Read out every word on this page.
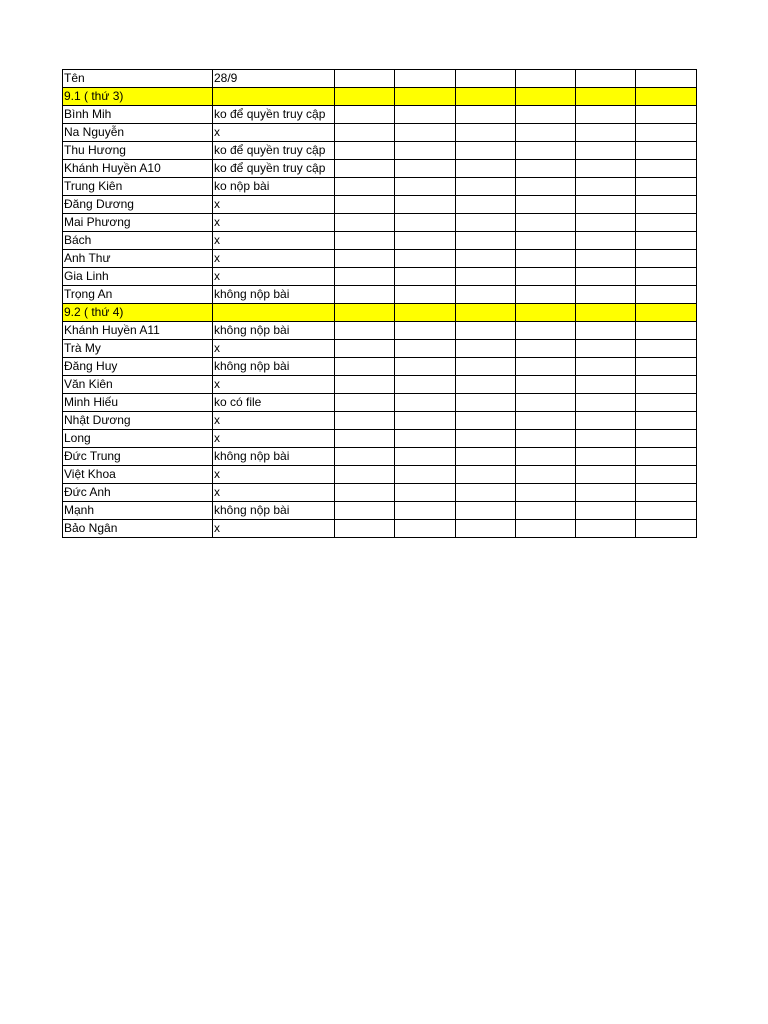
Tên	28/9						
9.1 ( thứ 3)							
Bình Mih	ko để quyền truy cập						
Na Nguyễn	x						
Thu Hương	ko để quyền truy cập						
Khánh Huyền A10	ko để quyền truy cập						
Trung Kiên	ko nộp bài						
Đăng Dương	x						
Mai Phương	x						
Bách	x						
Anh Thư	x						
Gia Linh	x						
Trọng An	không nộp bài						
9.2 ( thứ 4)							
Khánh Huyền A11	không nộp bài						
Trà My	x						
Đăng Huy	không nộp bài						
Văn Kiên	x						
Minh Hiếu	ko có file						
Nhật Dương	x						
Long	x						
Đức Trung	không nộp bài						
Việt Khoa	x						
Đức Anh	x						
Mạnh	không nộp bài						
Bảo Ngân	x						
